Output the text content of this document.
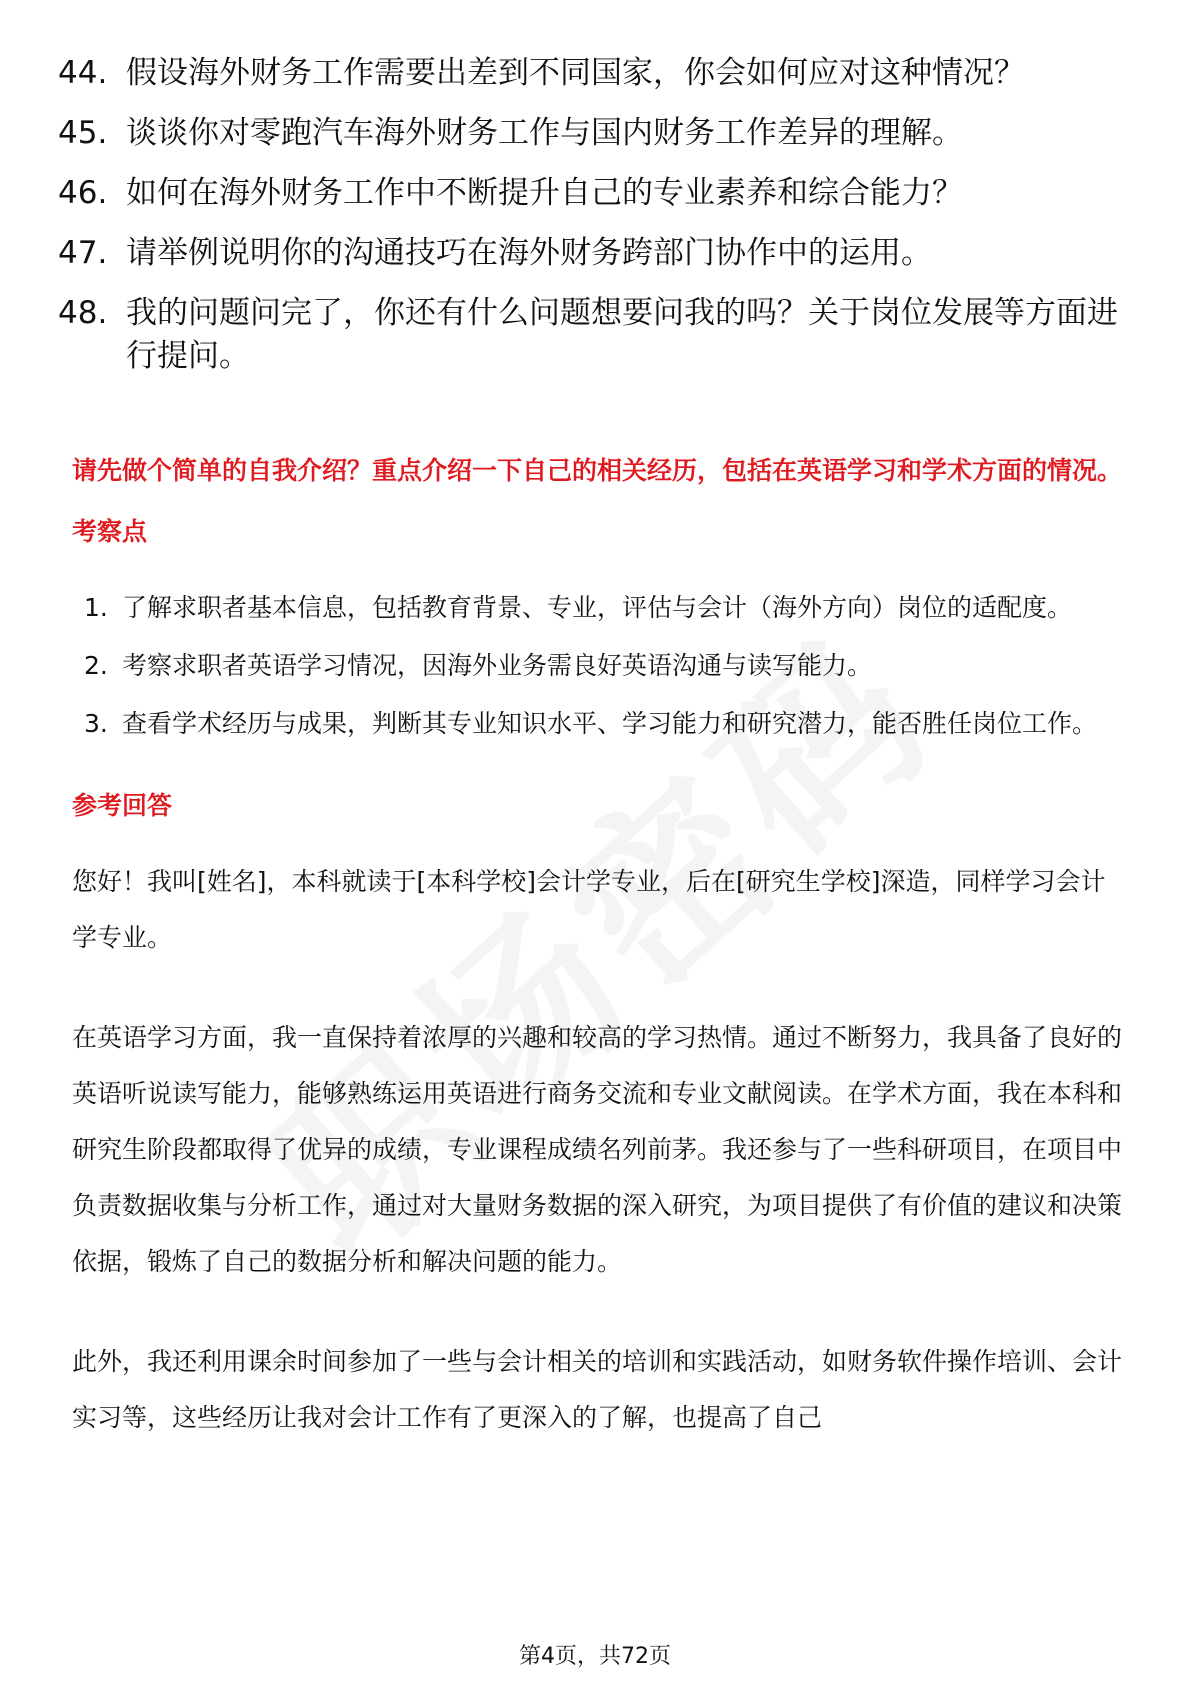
44. 假设海外财务工作需要出差到不同国家，你会如何应对这种情况？
45. 谈谈你对零跑汽车海外财务工作与国内财务工作差异的理解。
46. 如何在海外财务工作中不断提升自己的专业素养和综合能力？
47. 请举例说明你的沟通技巧在海外财务跨部门协作中的运用。
48. 我的问题问完了，你还有什么问题想要问我的吗？关于岗位发展等方面进行提问。

请先做个简单的自我介绍？重点介绍一下自己的相关经历，包括在英语学习和学术方面的情况。

考察点
1. 了解求职者基本信息，包括教育背景、专业，评估与会计（海外方向）岗位的适配度。
2. 考察求职者英语学习情况，因海外业务需良好英语沟通与读写能力。
3. 查看学术经历与成果，判断其专业知识水平、学习能力和研究潜力，能否胜任岗位工作。
参考回答

您好！我叫[姓名]，本科就读于[本科学校]会计学专业，后在[研究生学校]深造，同样学习会计学专业。

在英语学习方面，我一直保持着浓厚的兴趣和较高的学习热情。通过不断努力，我具备了良好的英语听说读写能力，能够熟练运用英语进行商务交流和专业文献阅读。在学术方面，我在本科和研究生阶段都取得了优异的成绩，专业课程成绩名列前茅。我还参与了一些科研项目，在项目中负责数据收集与分析工作，通过对大量财务数据的深入研究，为项目提供了有价值的建议和决策依据，锻炼了自己的数据分析和解决问题的能力。

此外，我还利用课余时间参加了一些与会计相关的培训和实践活动，如财务软件操作培训、会计实习等，这些经历让我对会计工作有了更深入的了解，也提高了自己

第4页，共72页
